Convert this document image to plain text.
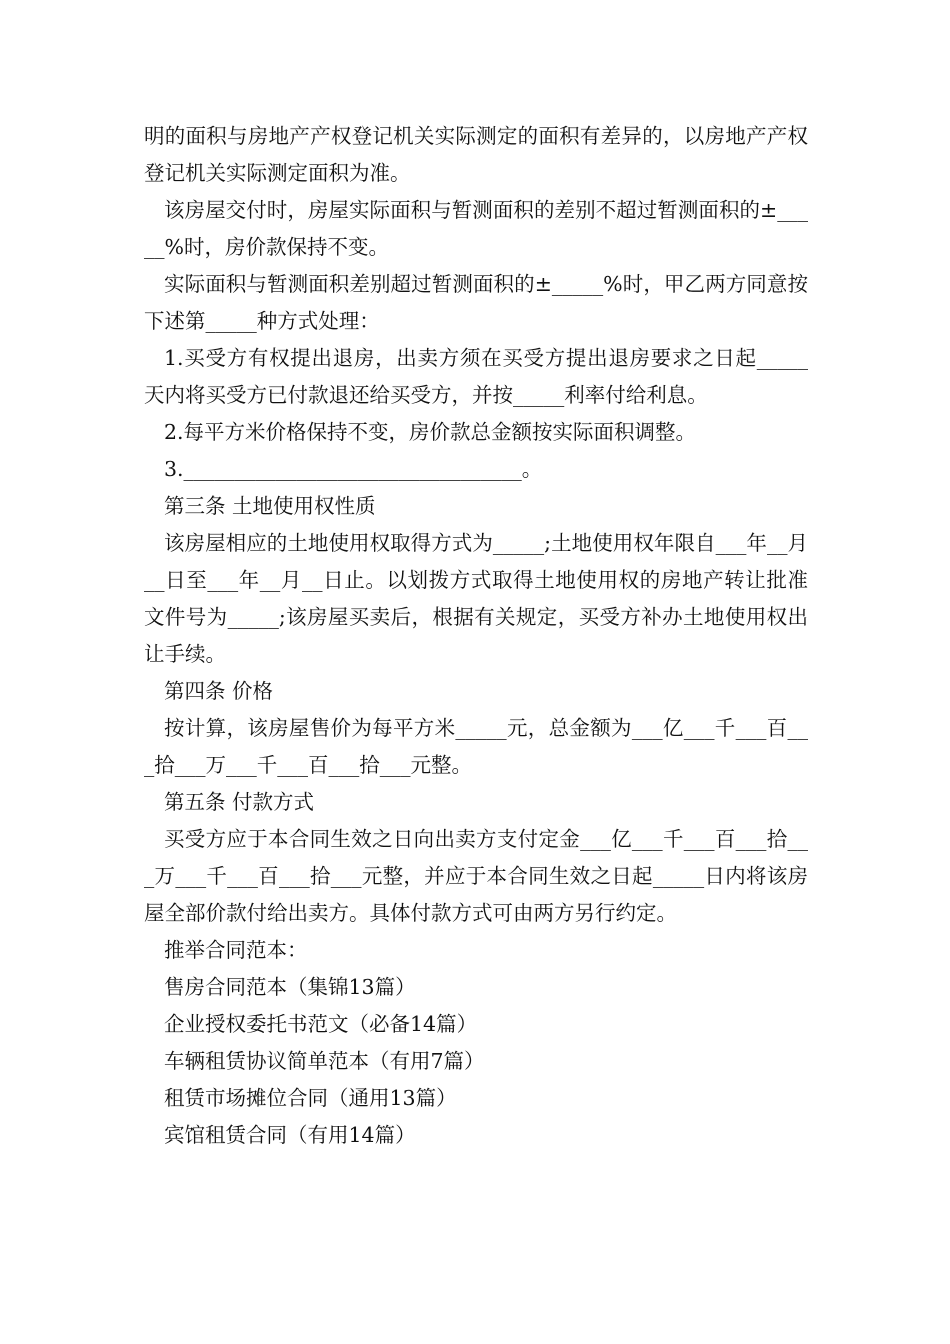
明的面积与房地产产权登记机关实际测定的面积有差异的，以房地产产权登记机关实际测定面积为准。

该房屋交付时，房屋实际面积与暂测面积的差别不超过暂测面积的±_____%时，房价款保持不变。

实际面积与暂测面积差别超过暂测面积的±_____%时，甲乙两方同意按下述第_____种方式处理：

1.买受方有权提出退房，出卖方须在买受方提出退房要求之日起_____天内将买受方已付款退还给买受方，并按_____利率付给利息。

2.每平方米价格保持不变，房价款总金额按实际面积调整。

3._________________________________。

第三条 土地使用权性质

该房屋相应的土地使用权取得方式为_____;土地使用权年限自___年__月__日至___年__月__日止。以划拨方式取得土地使用权的房地产转让批准文件号为_____;该房屋买卖后，根据有关规定，买受方补办土地使用权出让手续。

第四条 价格

按计算，该房屋售价为每平方米_____元，总金额为___亿___千___百___拾___万___千___百___拾___元整。

第五条 付款方式

买受方应于本合同生效之日向出卖方支付定金___亿___千___百___拾___万___千___百___拾___元整，并应于本合同生效之日起_____日内将该房屋全部价款付给出卖方。具体付款方式可由两方另行约定。

推举合同范本：

售房合同范本（集锦13篇）

企业授权委托书范文（必备14篇）

车辆租赁协议简单范本（有用7篇）

租赁市场摊位合同（通用13篇）

宾馆租赁合同（有用14篇）
